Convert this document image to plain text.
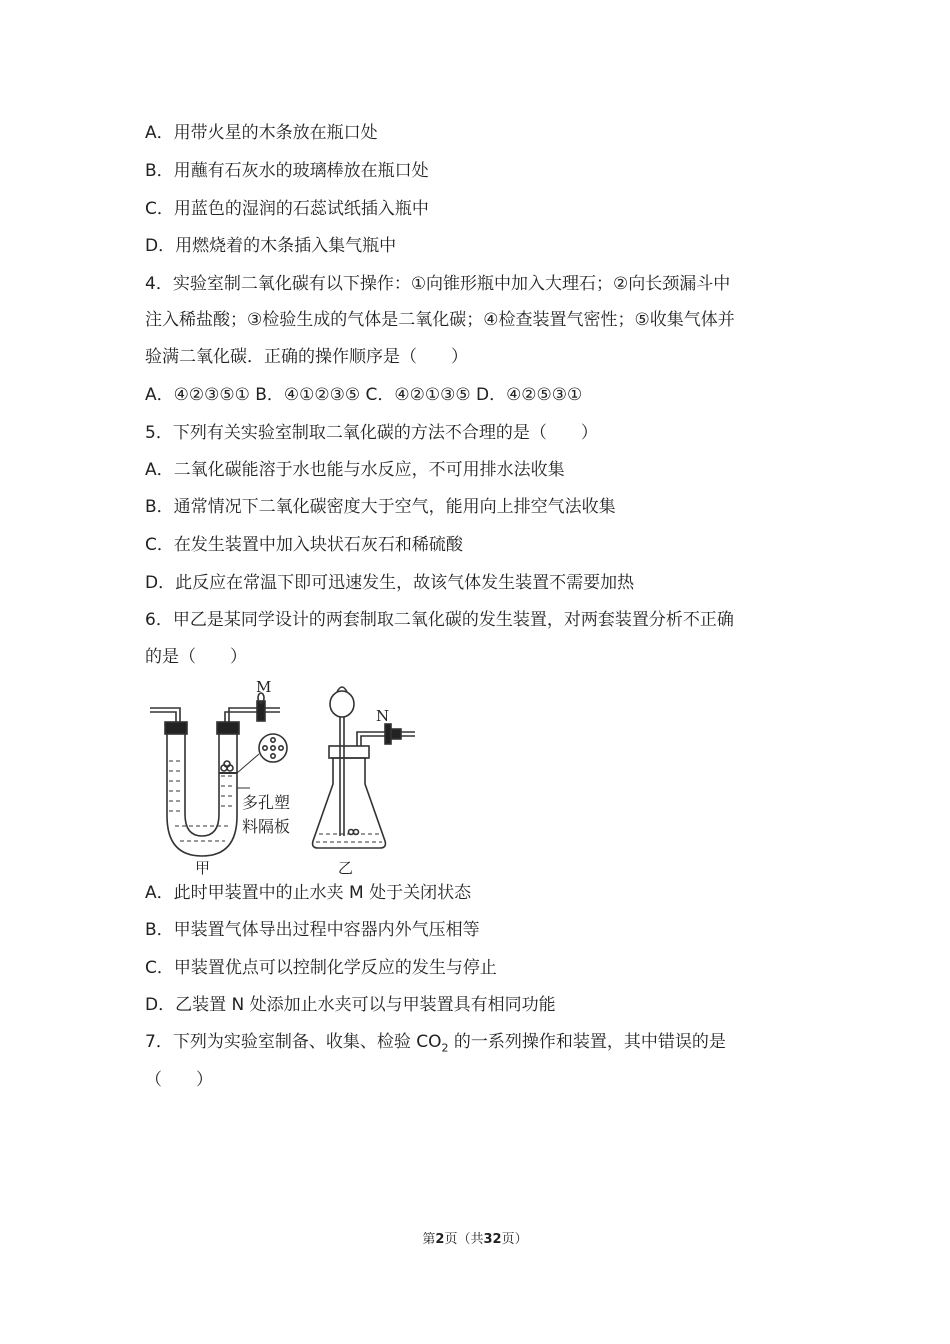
A．用带火星的木条放在瓶口处
B．用蘸有石灰水的玻璃棒放在瓶口处
C．用蓝色的湿润的石蕊试纸插入瓶中
D．用燃烧着的木条插入集气瓶中
4．实验室制二氧化碳有以下操作：①向锥形瓶中加入大理石；②向长颈漏斗中
注入稀盐酸；③检验生成的气体是二氧化碳；④检查装置气密性；⑤收集气体并
验满二氧化碳．正确的操作顺序是（　　）
A．④②③⑤① B．④①②③⑤ C．④②①③⑤ D．④②⑤③①
5．下列有关实验室制取二氧化碳的方法不合理的是（　　）
A．二氧化碳能溶于水也能与水反应，不可用排水法收集
B．通常情况下二氧化碳密度大于空气，能用向上排空气法收集
C．在发生装置中加入块状石灰石和稀硫酸
D．此反应在常温下即可迅速发生，故该气体发生装置不需要加热
6．甲乙是某同学设计的两套制取二氧化碳的发生装置，对两套装置分析不正确
的是（　　）
M
N
多孔塑
料隔板
甲	乙
A．此时甲装置中的止水夹 M 处于关闭状态
B．甲装置气体导出过程中容器内外气压相等
C．甲装置优点可以控制化学反应的发生与停止
D．乙装置 N 处添加止水夹可以与甲装置具有相同功能
7．下列为实验室制备、收集、检验 $CO_2$ 的一系列操作和装置，其中错误的是
（　　）
第2页（共32页）
